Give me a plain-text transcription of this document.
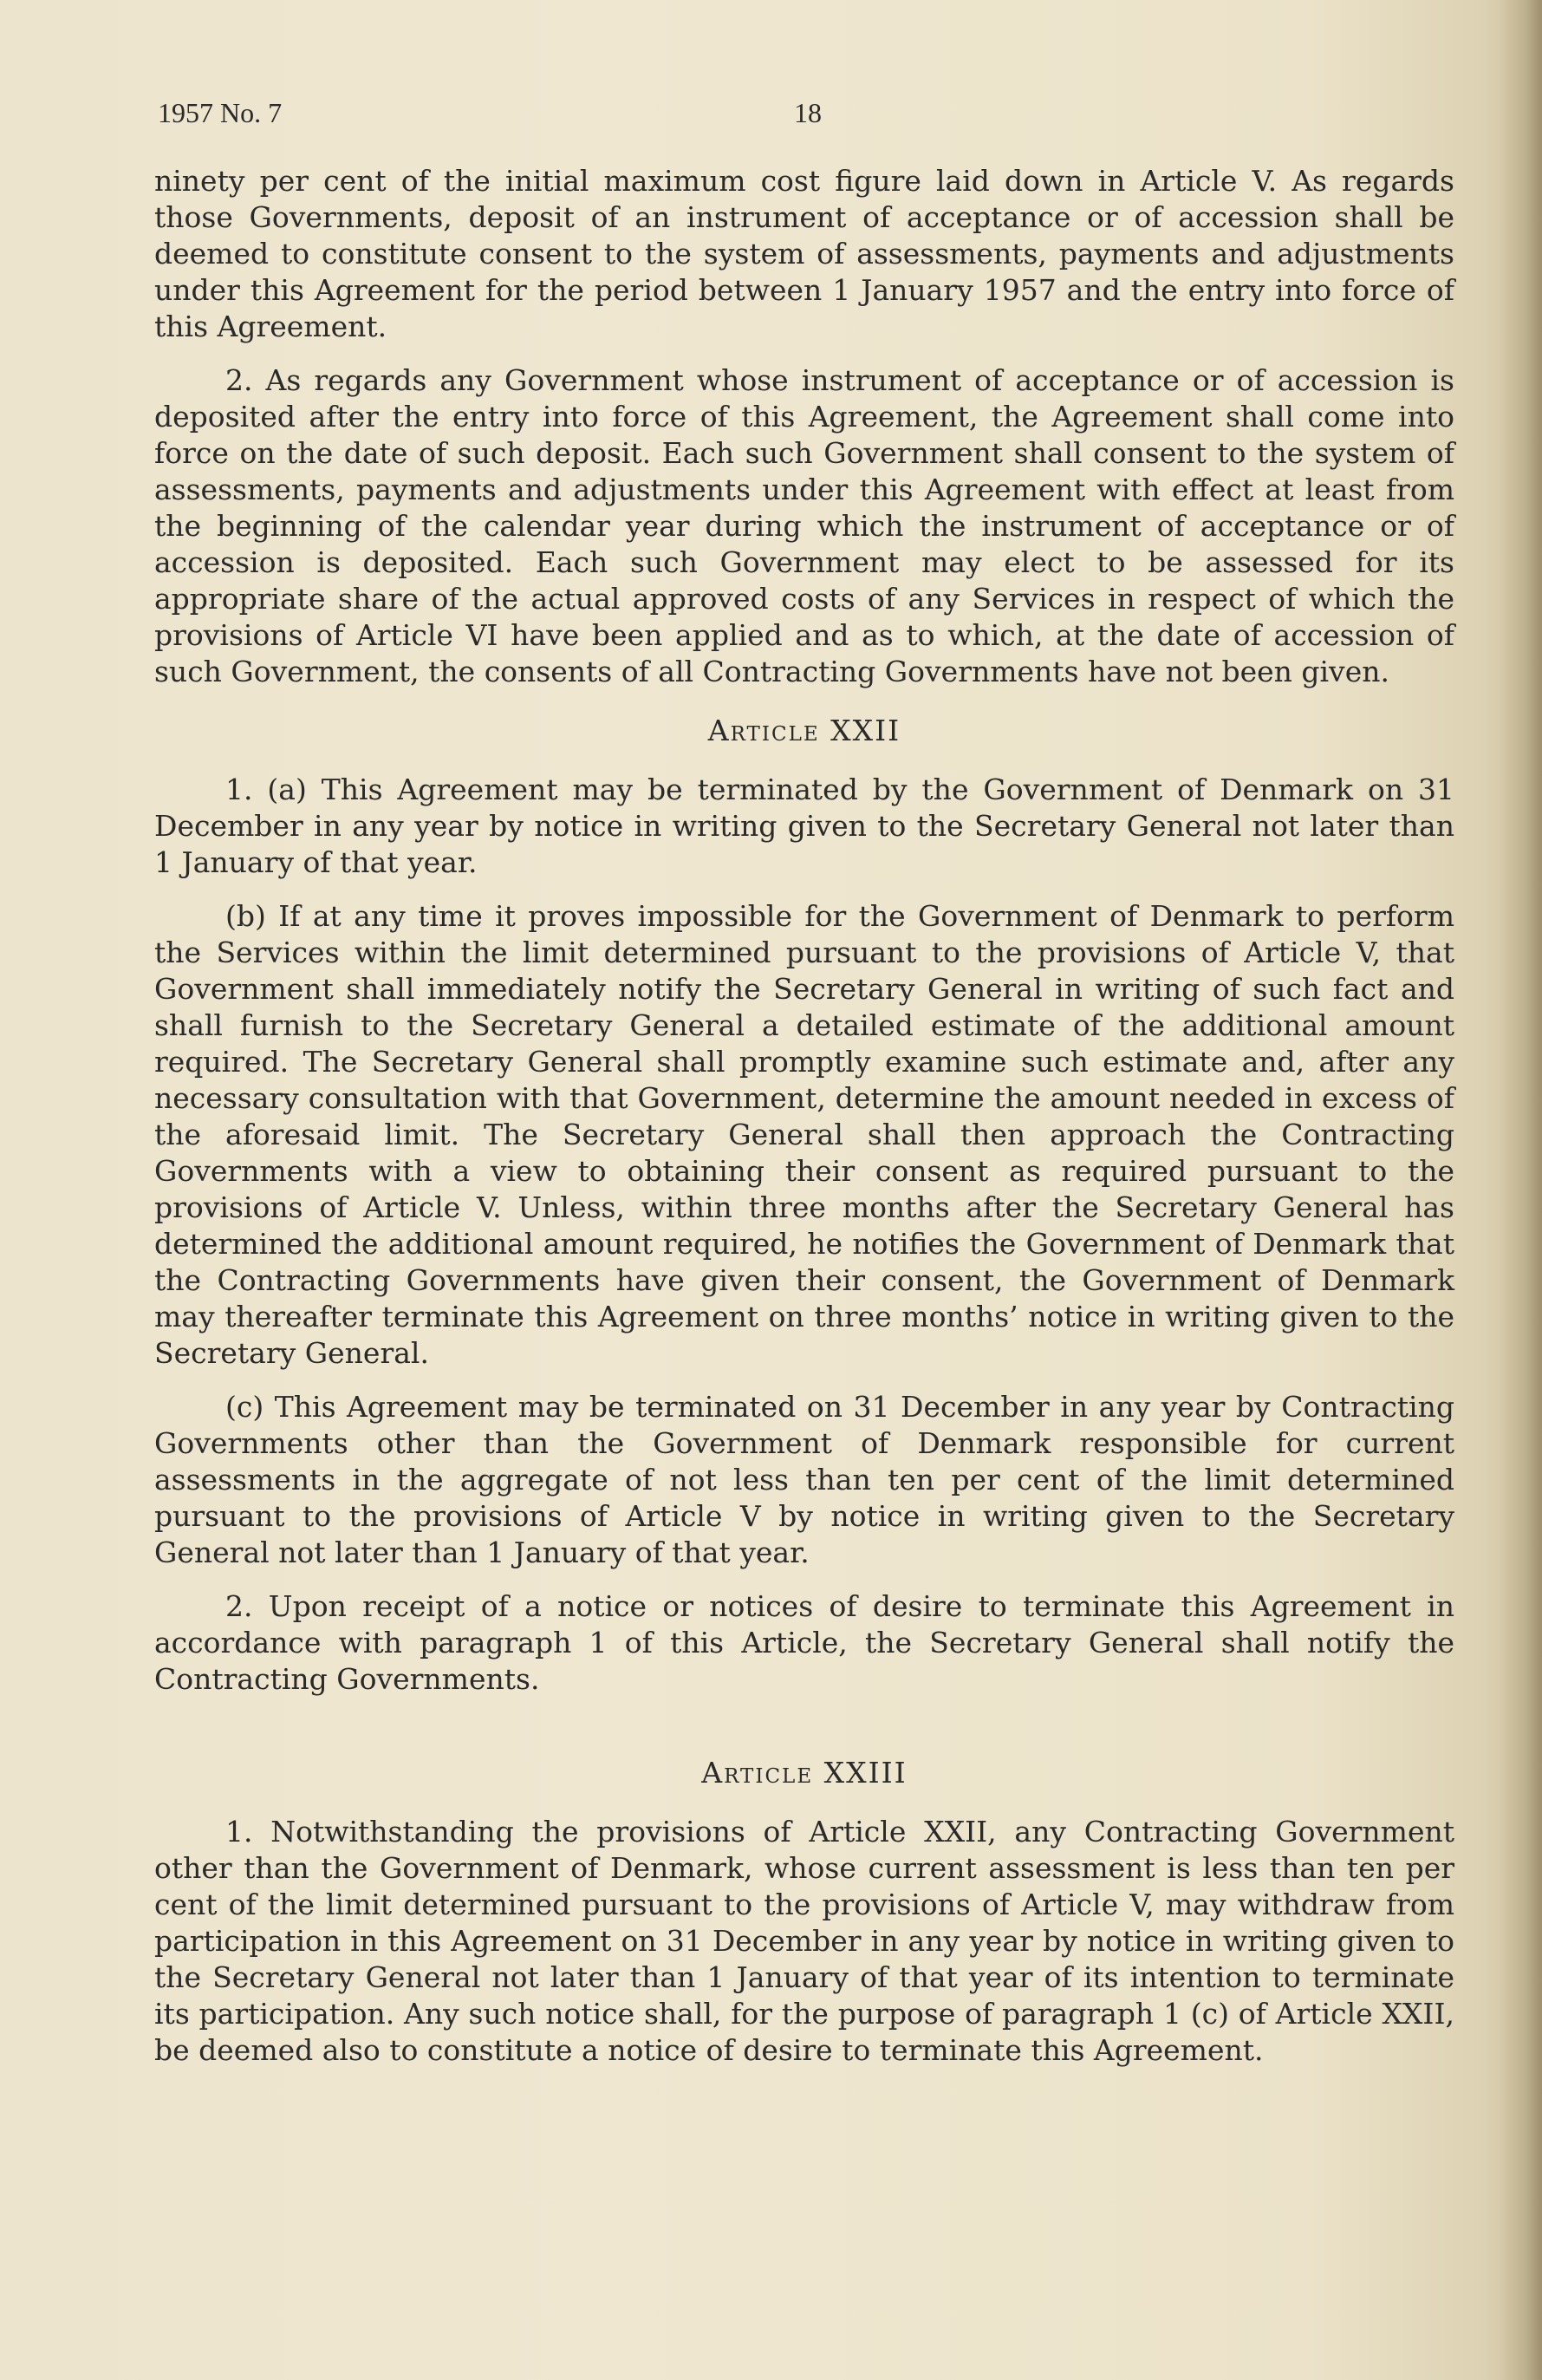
1957 No. 7	18

ninety per cent of the initial maximum cost figure laid down in Article V. As regards those Governments, deposit of an instrument of acceptance or of accession shall be deemed to constitute consent to the system of assessments, payments and adjustments under this Agreement for the period between 1 January 1957 and the entry into force of this Agreement.

2. As regards any Government whose instrument of acceptance or of accession is deposited after the entry into force of this Agreement, the Agreement shall come into force on the date of such deposit. Each such Government shall consent to the system of assessments, payments and adjustments under this Agreement with effect at least from the beginning of the calendar year during which the instrument of acceptance or of accession is deposited. Each such Government may elect to be assessed for its appropriate share of the actual approved costs of any Services in respect of which the provisions of Article VI have been applied and as to which, at the date of accession of such Government, the consents of all Contracting Governments have not been given.

Article XXII

1. (a) This Agreement may be terminated by the Government of Denmark on 31 December in any year by notice in writing given to the Secretary General not later than 1 January of that year.

(b) If at any time it proves impossible for the Government of Denmark to perform the Services within the limit determined pursuant to the provisions of Article V, that Government shall immediately notify the Secretary General in writing of such fact and shall furnish to the Secretary General a detailed estimate of the additional amount required. The Secretary General shall promptly examine such estimate and, after any necessary consultation with that Government, determine the amount needed in excess of the aforesaid limit. The Secretary General shall then approach the Contracting Governments with a view to obtaining their consent as required pursuant to the provisions of Article V. Unless, within three months after the Secretary General has determined the additional amount required, he notifies the Government of Denmark that the Contracting Governments have given their consent, the Government of Denmark may thereafter terminate this Agreement on three months’ notice in writing given to the Secretary General.

(c) This Agreement may be terminated on 31 December in any year by Contracting Governments other than the Government of Denmark responsible for current assessments in the aggregate of not less than ten per cent of the limit determined pursuant to the provisions of Article V by notice in writing given to the Secretary General not later than 1 January of that year.

2. Upon receipt of a notice or notices of desire to terminate this Agreement in accordance with paragraph 1 of this Article, the Secretary General shall notify the Contracting Governments.

Article XXIII

1. Notwithstanding the provisions of Article XXII, any Contracting Government other than the Government of Denmark, whose current assessment is less than ten per cent of the limit determined pursuant to the provisions of Article V, may withdraw from participation in this Agreement on 31 December in any year by notice in writing given to the Secretary General not later than 1 January of that year of its intention to terminate its participation. Any such notice shall, for the purpose of paragraph 1 (c) of Article XXII, be deemed also to constitute a notice of desire to terminate this Agreement.
